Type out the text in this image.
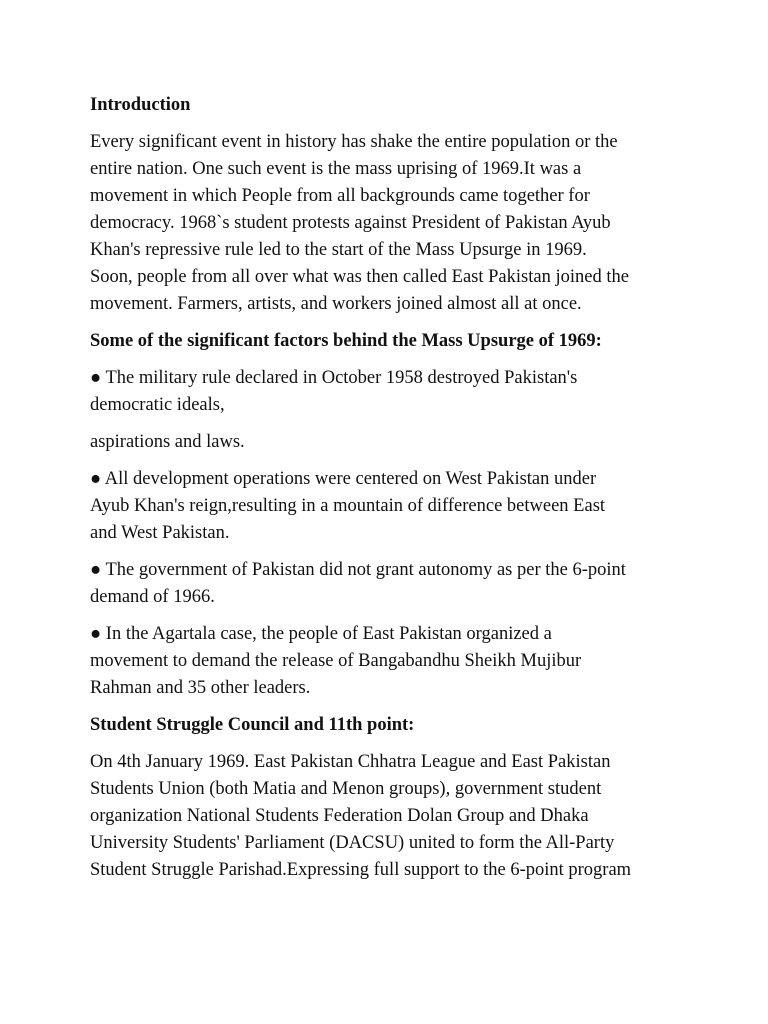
Introduction
Every significant event in history has shake the entire population or the
entire nation. One such event is the mass uprising of 1969.It was a
movement in which People from all backgrounds came together for
democracy. 1968`s student protests against President of Pakistan Ayub
Khan's repressive rule led to the start of the Mass Upsurge in 1969.
Soon, people from all over what was then called East Pakistan joined the
movement. Farmers, artists, and workers joined almost all at once.
Some of the significant factors behind the Mass Upsurge of 1969:
● The military rule declared in October 1958 destroyed Pakistan's
democratic ideals,
aspirations and laws.
● All development operations were centered on West Pakistan under
Ayub Khan's reign,resulting in a mountain of difference between East
and West Pakistan.
● The government of Pakistan did not grant autonomy as per the 6-point
demand of 1966.
● In the Agartala case, the people of East Pakistan organized a
movement to demand the release of Bangabandhu Sheikh Mujibur
Rahman and 35 other leaders.
Student Struggle Council and 11th point:
On 4th January 1969. East Pakistan Chhatra League and East Pakistan
Students Union (both Matia and Menon groups), government student
organization National Students Federation Dolan Group and Dhaka
University Students' Parliament (DACSU) united to form the All-Party
Student Struggle Parishad.Expressing full support to the 6-point program
